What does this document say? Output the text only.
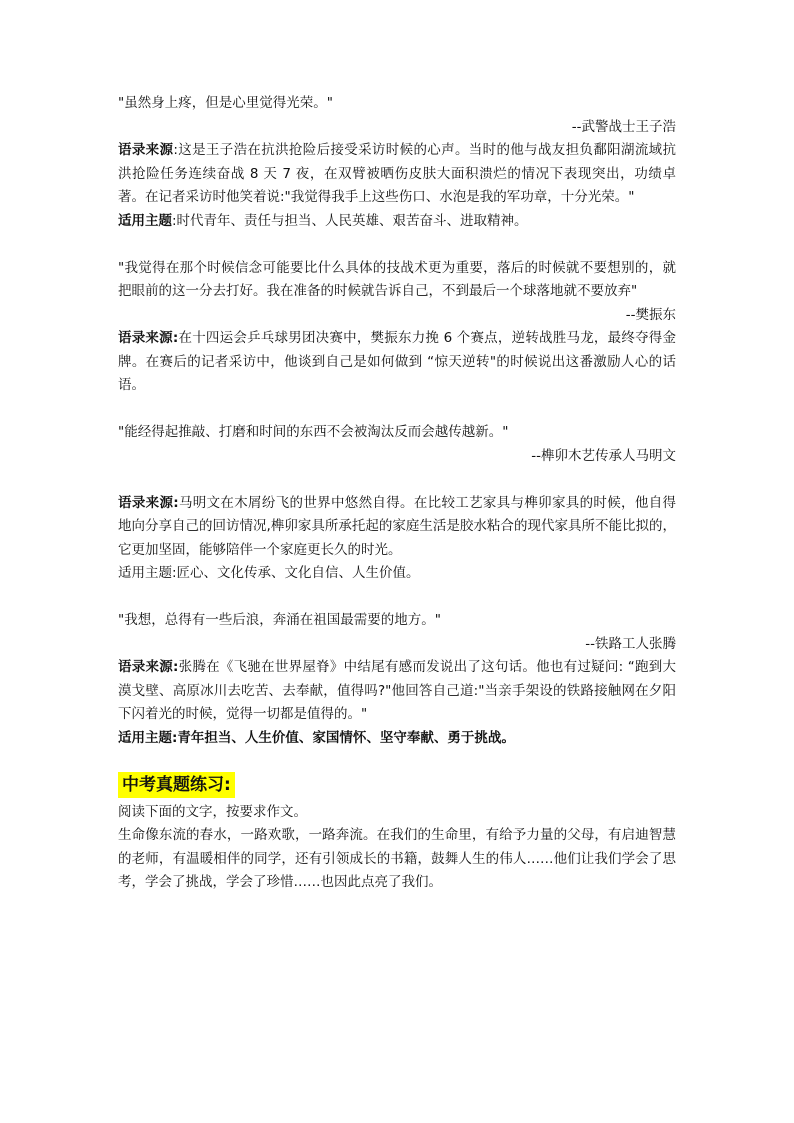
"虽然身上疼，但是心里觉得光荣。"

--武警战士王子浩

语录来源:这是王子浩在抗洪抢险后接受采访时候的心声。当时的他与战友担负鄱阳湖流域抗洪抢险任务连续奋战 8 天 7 夜，在双臂被晒伤皮肤大面积溃烂的情况下表现突出，功绩卓著。在记者采访时他笑着说:"我觉得我手上这些伤口、水泡是我的军功章，十分光荣。"

适用主题:时代青年、责任与担当、人民英雄、艰苦奋斗、进取精神。

"我觉得在那个时候信念可能要比什么具体的技战术更为重要，落后的时候就不要想别的，就把眼前的这一分去打好。我在准备的时候就告诉自己，不到最后一个球落地就不要放弃"

--樊振东

语录来源:在十四运会乒乓球男团决赛中，樊振东力挽 6 个赛点，逆转战胜马龙，最终夺得金牌。在赛后的记者采访中，他谈到自己是如何做到 “惊天逆转"的时候说出这番激励人心的话语。

"能经得起推敲、打磨和时间的东西不会被淘汰反而会越传越新。"

--榫卯木艺传承人马明文

语录来源:马明文在木屑纷飞的世界中悠然自得。在比较工艺家具与榫卯家具的时候，他自得地向分享自己的回访情况,榫卯家具所承托起的家庭生活是胶水粘合的现代家具所不能比拟的，它更加坚固，能够陪伴一个家庭更长久的时光。

适用主题:匠心、文化传承、文化自信、人生价值。

"我想，总得有一些后浪，奔涌在祖国最需要的地方。"

--铁路工人张腾

语录来源:张腾在《飞驰在世界屋脊》中结尾有感而发说出了这句话。他也有过疑问: “跑到大漠戈壁、高原冰川去吃苦、去奉献，值得吗?"他回答自己道:"当亲手架设的铁路接触网在夕阳下闪着光的时候，觉得一切都是值得的。"

适用主题:青年担当、人生价值、家国情怀、坚守奉献、勇于挑战。

中考真题练习:

阅读下面的文字，按要求作文。

生命像东流的春水，一路欢歌，一路奔流。在我们的生命里，有给予力量的父母，有启迪智慧的老师，有温暖相伴的同学，还有引领成长的书籍，鼓舞人生的伟人……他们让我们学会了思考，学会了挑战，学会了珍惜……也因此点亮了我们。
